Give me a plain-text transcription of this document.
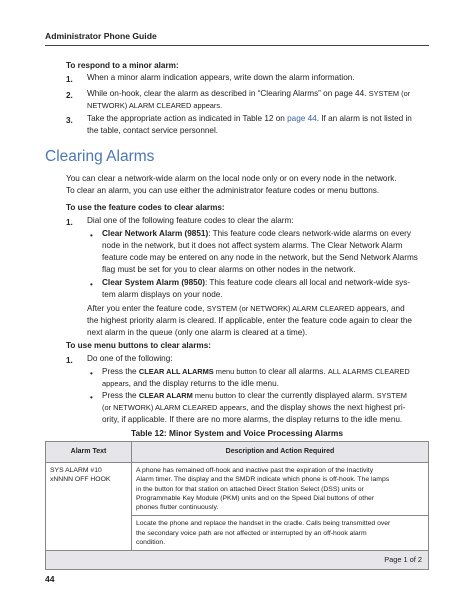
Administrator Phone Guide
To respond to a minor alarm:
1. When a minor alarm indication appears, write down the alarm information.
2. While on-hook, clear the alarm as described in “Clearing Alarms” on page 44. SYSTEM (or
NETWORK) ALARM CLEARED appears.
3. Take the appropriate action as indicated in Table 12 on page 44. If an alarm is not listed in
the table, contact service personnel.
Clearing Alarms
You can clear a network-wide alarm on the local node only or on every node in the network.
To clear an alarm, you can use either the administrator feature codes or menu buttons.
To use the feature codes to clear alarms:
1. Dial one of the following feature codes to clear the alarm:
• Clear Network Alarm (9851): This feature code clears network-wide alarms on every
node in the network, but it does not affect system alarms. The Clear Network Alarm
feature code may be entered on any node in the network, but the Send Network Alarms
flag must be set for you to clear alarms on other nodes in the network.
• Clear System Alarm (9850): This feature code clears all local and network-wide sys-
tem alarm displays on your node.
After you enter the feature code, SYSTEM (or NETWORK) ALARM CLEARED appears, and
the highest priority alarm is cleared. If applicable, enter the feature code again to clear the
next alarm in the queue (only one alarm is cleared at a time).
To use menu buttons to clear alarms:
1. Do one of the following:
• Press the CLEAR ALL ALARMS menu button to clear all alarms. ALL ALARMS CLEARED
appears, and the display returns to the idle menu.
• Press the CLEAR ALARM menu button to clear the currently displayed alarm. SYSTEM
(or NETWORK) ALARM CLEARED appears, and the display shows the next highest pri-
ority, if applicable. If there are no more alarms, the display returns to the idle menu.
Table 12: Minor System and Voice Processing Alarms
Alarm Text	Description and Action Required
SYS ALARM #10
xNNNN OFF HOOK	A phone has remained off-hook and inactive past the expiration of the Inactivity
Alarm timer. The display and the SMDR indicate which phone is off-hook. The lamps
in the button for that station on attached Direct Station Select (DSS) units or
Programmable Key Module (PKM) units and on the Speed Dial buttons of other
phones flutter continuously.
	Locate the phone and replace the handset in the cradle. Calls being transmitted over
the secondary voice path are not affected or interrupted by an off-hook alarm
condition.
Page 1 of 2	
44
